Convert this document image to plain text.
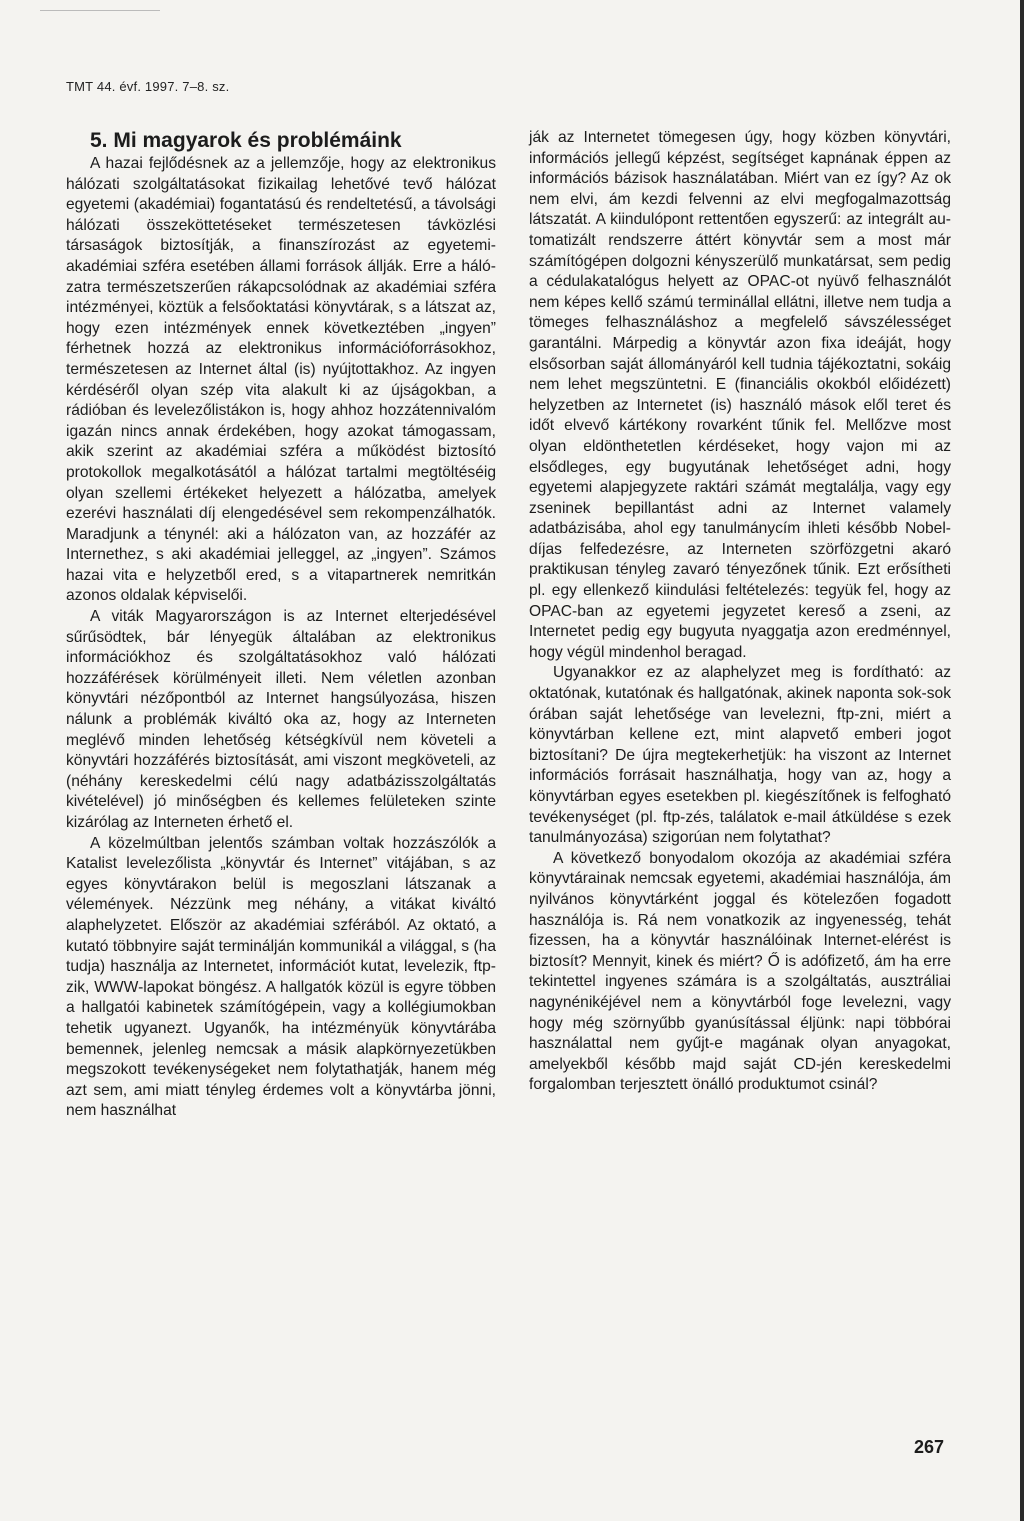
TMT 44. évf. 1997. 7–8. sz.

5. Mi magyarok és problémáink

A hazai fejlődésnek az a jellemzője, hogy az elektronikus hálózati szolgáltatásokat fizikailag lehetővé tevő hálózat egyetemi (akadémiai) fogantatású és rendeltetésű, a távolsági hálózati összeköttetéseket természetesen távközlési társaságok biztosítják, a finanszírozást az egyetemi-akadémiai szféra esetében állami források állják. Erre a hálózatra természetszerűen rákapcsolódnak az akadémiai szféra intézményei, köztük a felsőoktatási könyvtárak, s a látszat az, hogy ezen intézmények ennek következtében „ingyen” férhetnek hozzá az elektronikus információforrásokhoz, természetesen az Internet által (is) nyújtottakhoz. Az ingyen kérdéséről olyan szép vita alakult ki az újságokban, a rádióban és levelezőlistákon is, hogy ahhoz hozzátennivalóm igazán nincs annak érdekében, hogy azokat támogassam, akik szerint az akadémiai szféra a működést biztosító protokollok megalkotásától a hálózat tartalmi megtöltéséig olyan szellemi értékeket helyezett a hálózatba, amelyek ezerévi használati díj elengedésével sem rekompenzálhatók. Maradjunk a ténynél: aki a hálózaton van, az hozzáfér az Internethez, s aki akadémiai jelleggel, az „ingyen”. Számos hazai vita e helyzetből ered, s a vitapartnerek nemritkán azonos oldalak képviselői.

A viták Magyarországon is az Internet elterjedésével sűrűsödtek, bár lényegük általában az elektronikus információkhoz és szolgáltatásokhoz való hálózati hozzáférések körülményeit illeti. Nem véletlen azonban könyvtári nézőpontból az Internet hangsúlyozása, hiszen nálunk a problémák kiváltó oka az, hogy az Interneten meglévő minden lehetőség kétségkívül nem követeli a könyvtári hozzáférés biztosítását, ami viszont megköveteli, az (néhány kereskedelmi célú nagy adatbázisszolgáltatás kivételével) jó minőségben és kellemes felületeken szinte kizárólag az Interneten érhető el.

A közelmúltban jelentős számban voltak hozzászólók a Katalist levelezőlista „könyvtár és Internet” vitájában, s az egyes könyvtárakon belül is megoszlani látszanak a vélemények. Nézzünk meg néhány, a vitákat kiváltó alaphelyzetet. Először az akadémiai szférából. Az oktató, a kutató többnyire saját terminálján kommunikál a világgal, s (ha tudja) használja az Internetet, információt kutat, levelezik, ftp-zik, WWW-lapokat böngész. A hallgatók közül is egyre többen a hallgatói kabinetek számítógépein, vagy a kollégiumokban tehetik ugyanezt. Ugyanők, ha intézményük könyvtárába bemennek, jelenleg nemcsak a másik alapkörnyezetükben megszokott tevékenységeket nem folytathatják, hanem még azt sem, ami miatt tényleg érdemes volt a könyvtárba jönni, nem használhat

ják az Internetet tömegesen úgy, hogy közben könyvtári, információs jellegű képzést, segítséget kapnának éppen az információs bázisok használatában. Miért van ez így? Az ok nem elvi, ám kezdi felvenni az elvi megfogalmazottság látszatát. A kiindulópont rettentően egyszerű: az integrált automatizált rendszerre áttért könyvtár sem a most már számítógépen dolgozni kényszerülő munkatársat, sem pedig a cédulakatalógus helyett az OPAC-ot nyüvő felhasználót nem képes kellő számú terminállal ellátni, illetve nem tudja a tömeges felhasználáshoz a megfelelő sávszélességet garantálni. Márpedig a könyvtár azon fixa ideáját, hogy elsősorban saját állományáról kell tudnia tájékoztatni, sokáig nem lehet megszüntetni. E (financiális okokból előidézett) helyzetben az Internetet (is) használó mások elől teret és időt elvevő kártékony rovarként tűnik fel. Mellőzve most olyan eldönthetetlen kérdéseket, hogy vajon mi az elsődleges, egy bugyutának lehetőséget adni, hogy egyetemi alapjegyzete raktári számát megtalálja, vagy egy zseninek bepillantást adni az Internet valamely adatbázisába, ahol egy tanulmánycím ihleti később Nobel-díjas felfedezésre, az Interneten szörfözgetni akaró praktikusan tényleg zavaró tényezőnek tűnik. Ezt erősítheti pl. egy ellenkező kiindulási feltételezés: tegyük fel, hogy az OPAC-ban az egyetemi jegyzetet kereső a zseni, az Internetet pedig egy bugyuta nyaggatja azon eredménnyel, hogy végül mindenhol beragad.

Ugyanakkor ez az alaphelyzet meg is fordítható: az oktatónak, kutatónak és hallgatónak, akinek naponta sok-sok órában saját lehetősége van levelezni, ftp-zni, miért a könyvtárban kellene ezt, mint alapvető emberi jogot biztosítani? De újra megtekerhetjük: ha viszont az Internet információs forrásait használhatja, hogy van az, hogy a könyvtárban egyes esetekben pl. kiegészítőnek is felfogható tevékenységet (pl. ftp-zés, találatok e-mail átküldése s ezek tanulmányozása) szigorúan nem folytathat?

A következő bonyodalom okozója az akadémiai szféra könyvtárainak nemcsak egyetemi, akadémiai használója, ám nyilvános könyvtárként joggal és kötelezően fogadott használója is. Rá nem vonatkozik az ingyenesség, tehát fizessen, ha a könyvtár használóinak Internet-elérést is biztosít? Mennyit, kinek és miért? Ő is adófizető, ám ha erre tekintettel ingyenes számára is a szolgáltatás, ausztráliai nagynénikéjével nem a könyvtárból foge levelezni, vagy hogy még szörnyűbb gyanúsítással éljünk: napi többórai használattal nem gyűjt-e magának olyan anyagokat, amelyekből később majd saját CD-jén kereskedelmi forgalomban terjesztett önálló produktumot csinál?

267
